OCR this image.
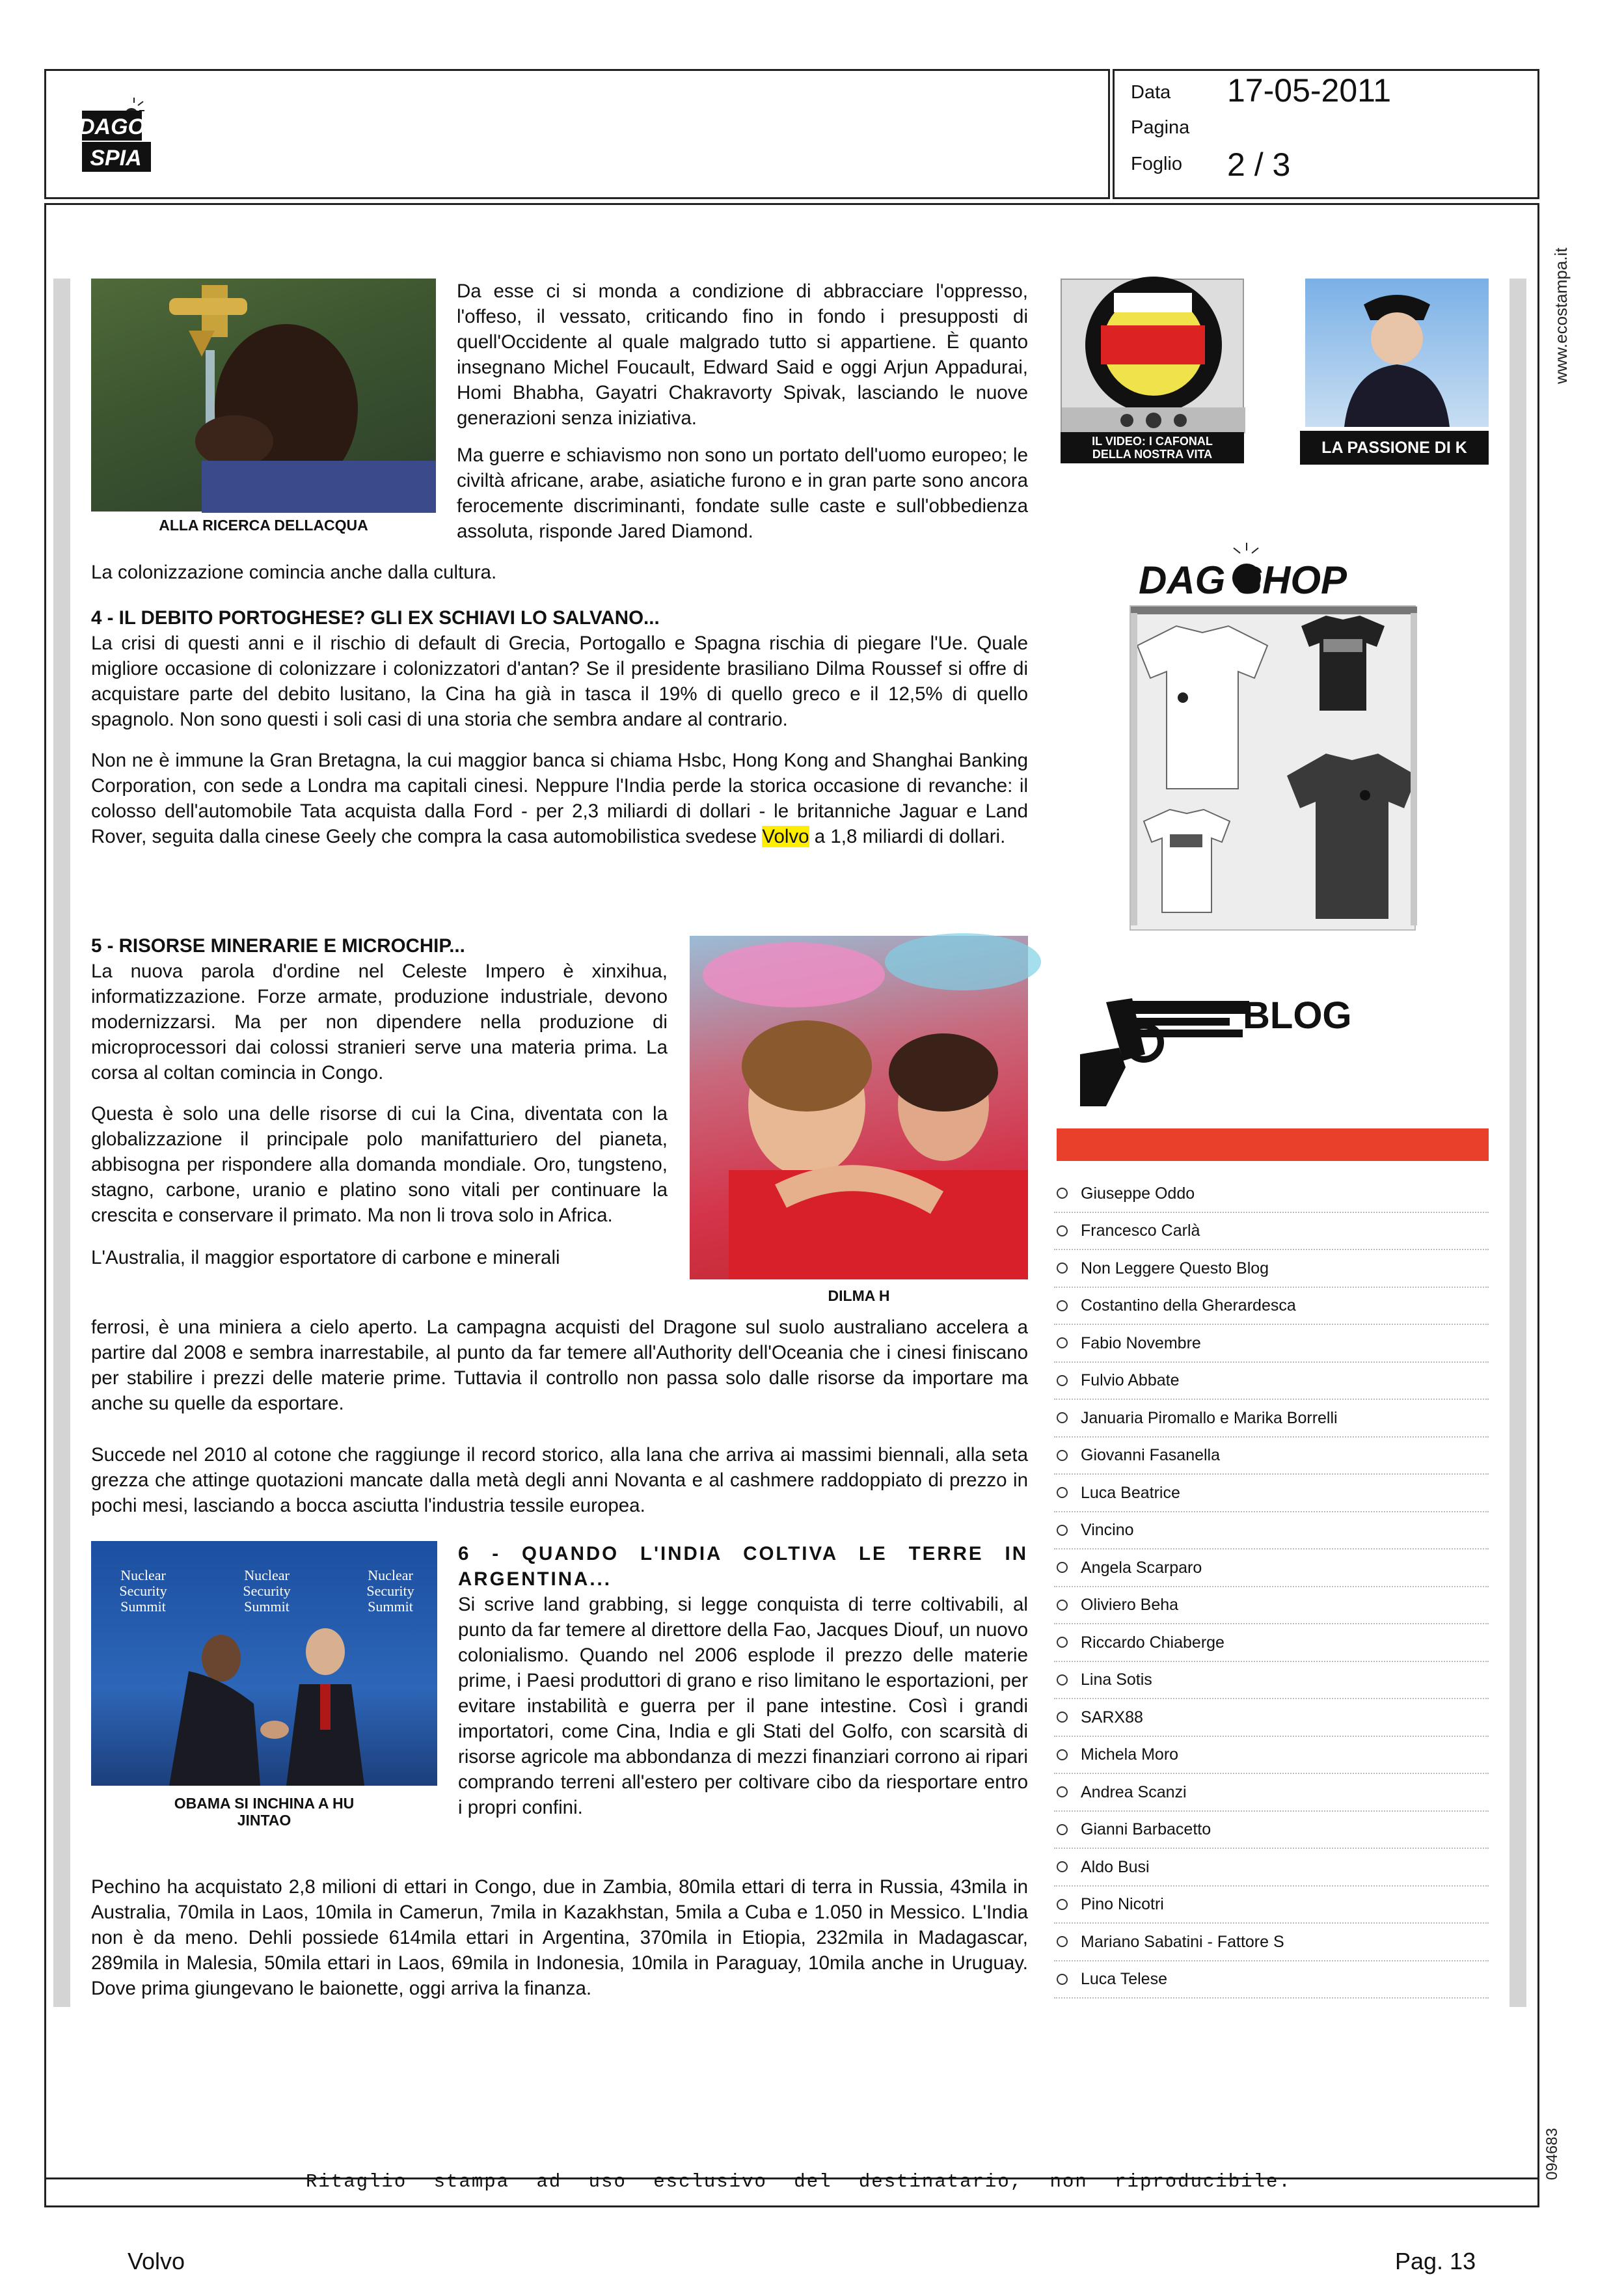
DAGO
SPIA
Data 17-05-2011
Pagina
Foglio 2 / 3
www.ecostampa.it
094683
ALLA RICERCA DELLACQUA

Da esse ci si monda a condizione di abbracciare l'oppresso, l'offeso, il vessato, criticando fino in fondo i presupposti di quell'Occidente al quale malgrado tutto si appartiene. È quanto insegnano Michel Foucault, Edward Said e oggi Arjun Appadurai, Homi Bhabha, Gayatri Chakravorty Spivak, lasciando le nuove generazioni senza iniziativa.

Ma guerre e schiavismo non sono un portato dell'uomo europeo; le civiltà africane, arabe, asiatiche furono e in gran parte sono ancora ferocemente discriminanti, fondate sulle caste e sull'obbedienza assoluta, risponde Jared Diamond.

La colonizzazione comincia anche dalla cultura.

4 - IL DEBITO PORTOGHESE? GLI EX SCHIAVI LO SALVANO...

La crisi di questi anni e il rischio di default di Grecia, Portogallo e Spagna rischia di piegare l'Ue. Quale migliore occasione di colonizzare i colonizzatori d'antan? Se il presidente brasiliano Dilma Roussef si offre di acquistare parte del debito lusitano, la Cina ha già in tasca il 19% di quello greco e il 12,5% di quello spagnolo. Non sono questi i soli casi di una storia che sembra andare al contrario.

Non ne è immune la Gran Bretagna, la cui maggior banca si chiama Hsbc, Hong Kong and Shanghai Banking Corporation, con sede a Londra ma capitali cinesi. Neppure l'India perde la storica occasione di revanche: il colosso dell'automobile Tata acquista dalla Ford - per 2,3 miliardi di dollari - le britanniche Jaguar e Land Rover, seguita dalla cinese Geely che compra la casa automobilistica svedese Volvo a 1,8 miliardi di dollari.

5 - RISORSE MINERARIE E MICROCHIP...

La nuova parola d'ordine nel Celeste Impero è xinxihua, informatizzazione. Forze armate, produzione industriale, devono modernizzarsi. Ma per non dipendere nella produzione di microprocessori dai colossi stranieri serve una materia prima. La corsa al coltan comincia in Congo.

Questa è solo una delle risorse di cui la Cina, diventata con la globalizzazione il principale polo manifatturiero del pianeta, abbisogna per rispondere alla domanda mondiale. Oro, tungsteno, stagno, carbone, uranio e platino sono vitali per continuare la crescita e conservare il primato. Ma non li trova solo in Africa.

L'Australia, il maggior esportatore di carbone e minerali

DILMA H
ferrosi, è una miniera a cielo aperto. La campagna acquisti del Dragone sul suolo australiano accelera a partire dal 2008 e sembra inarrestabile, al punto da far temere all'Authority dell'Oceania che i cinesi finiscano per stabilire i prezzi delle materie prime. Tuttavia il controllo non passa solo dalle risorse da importare ma anche su quelle da esportare.
Succede nel 2010 al cotone che raggiunge il record storico, alla lana che arriva ai massimi biennali, alla seta grezza che attinge quotazioni mancate dalla metà degli anni Novanta e al cashmere raddoppiato di prezzo in pochi mesi, lasciando a bocca asciutta l'industria tessile europea.
Nuclear
Security
Summit
Nuclear
Security
Summit
Nuclear
Security
Summit
OBAMA SI INCHINA A HU JINTAO

6 - QUANDO L'INDIA COLTIVA LE TERRE IN ARGENTINA...

Si scrive land grabbing, si legge conquista di terre coltivabili, al punto da far temere al direttore della Fao, Jacques Diouf, un nuovo colonialismo. Quando nel 2006 esplode il prezzo delle materie prime, i Paesi produttori di grano e riso limitano le esportazioni, per evitare instabilità e guerra per il pane intestine. Così i grandi importatori, come Cina, India e gli Stati del Golfo, con scarsità di risorse agricole ma abbondanza di mezzi finanziari corrono ai ripari comprando terreni all'estero per coltivare cibo da riesportare entro i propri confini.

Pechino ha acquistato 2,8 milioni di ettari in Congo, due in Zambia, 80mila ettari di terra in Russia, 43mila in Australia, 70mila in Laos, 10mila in Camerun, 7mila in Kazakhstan, 5mila a Cuba e 1.050 in Messico. L'India non è da meno. Dehli possiede 614mila ettari in Argentina, 370mila in Etiopia, 232mila in Madagascar, 289mila in Malesia, 50mila ettari in Laos, 69mila in Indonesia, 10mila in Paraguay, 10mila anche in Uruguay. Dove prima giungevano le baionette, oggi arriva la finanza.
IL VIDEO: I CAFONAL DELLA NOSTRA VITA	LA PASSIONE DI K
DAG SHOP
BLOG
Giuseppe Oddo
Francesco Carlà
Non Leggere Questo Blog
Costantino della Gherardesca
Fabio Novembre
Fulvio Abbate
Januaria Piromallo e Marika Borrelli
Giovanni Fasanella
Luca Beatrice
Vincino
Angela Scarparo
Oliviero Beha
Riccardo Chiaberge
Lina Sotis
SARX88
Michela Moro
Andrea Scanzi
Gianni Barbacetto
Aldo Busi
Pino Nicotri
Mariano Sabatini - Fattore S
Luca Telese
Ritaglio stampa ad uso esclusivo del destinatario, non riproducibile.
Volvo	Pag. 13
